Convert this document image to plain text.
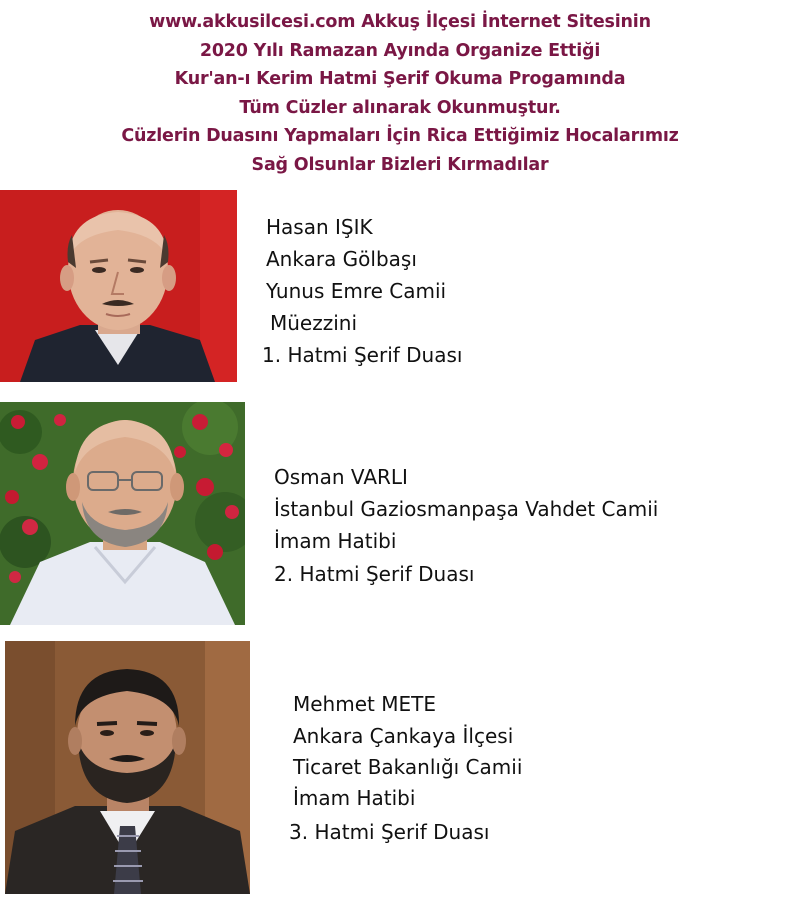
www.akkusilcesi.com Akkuş İlçesi İnternet Sitesinin
2020 Yılı Ramazan Ayında Organize Ettiği
Kur'an-ı Kerim Hatmi Şerif Okuma Progamında
Tüm Cüzler alınarak Okunmuştur.
Cüzlerin Duasını Yapmaları İçin Rica Ettiğimiz Hocalarımız
Sağ Olsunlar Bizleri Kırmadılar
Hasan IŞIK
Ankara Gölbaşı
Yunus Emre Camii
Müezzini
1. Hatmi Şerif Duası
Osman VARLI
İstanbul Gaziosmanpaşa Vahdet Camii
İmam Hatibi
2. Hatmi Şerif Duası
Mehmet METE
Ankara Çankaya İlçesi
Ticaret Bakanlığı Camii
İmam Hatibi
3. Hatmi Şerif Duası
